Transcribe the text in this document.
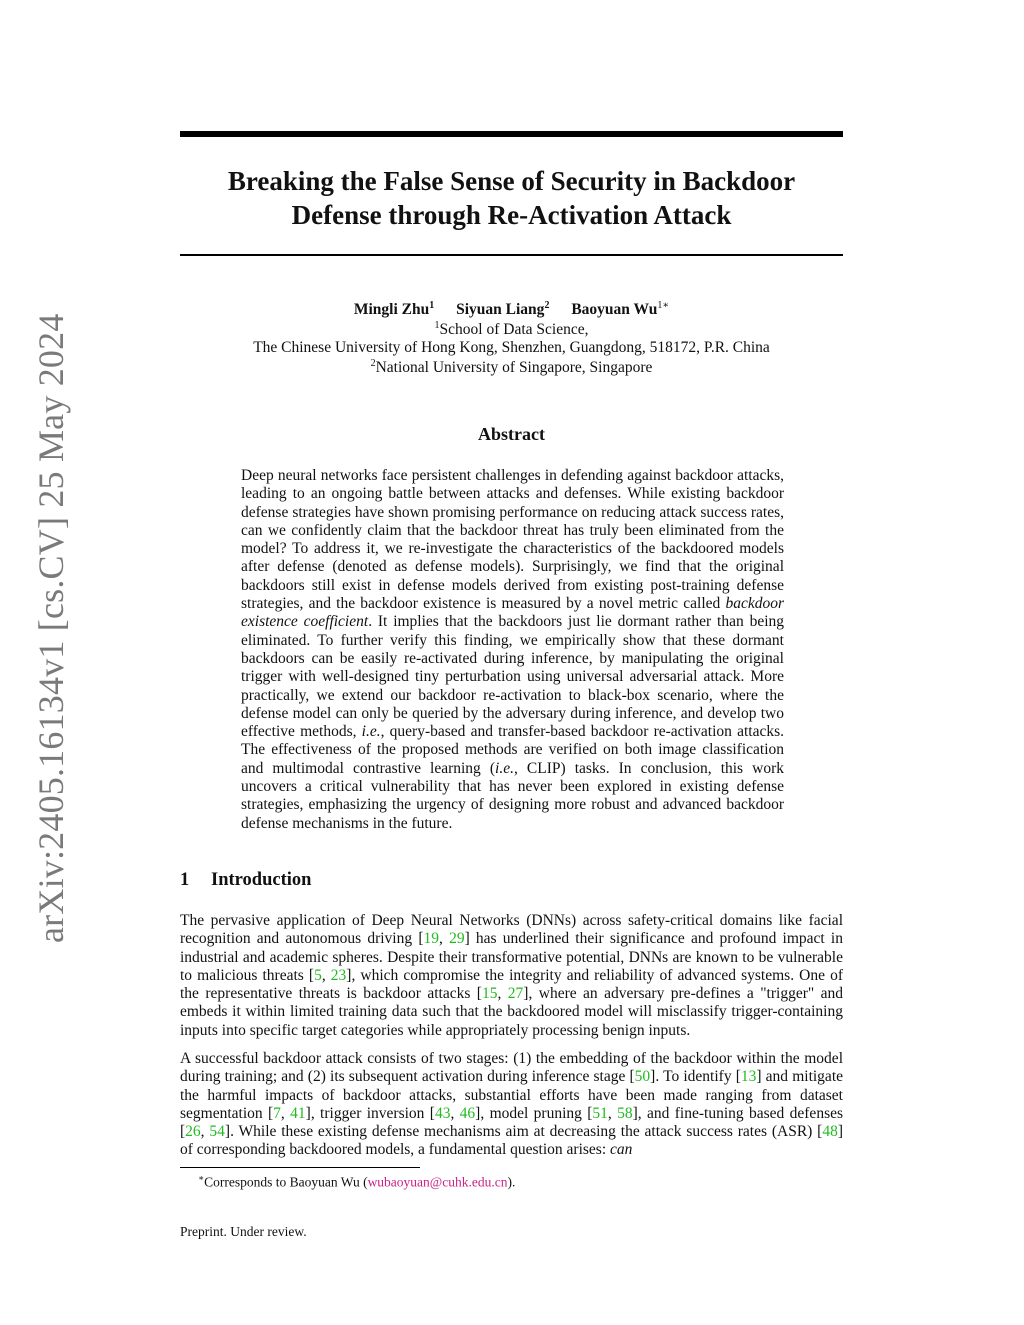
arXiv:2405.16134v1 [cs.CV] 25 May 2024
Breaking the False Sense of Security in Backdoor
Defense through Re-Activation Attack
Mingli Zhu$^1$ Siyuan Liang$^2$ Baoyuan $Wu^{1∗}$
$^1$School of Data Science,
The Chinese University of Hong Kong, Shenzhen, Guangdong, 518172, P.R. China
$^2$National University of Singapore, Singapore
Abstract
Deep neural networks face persistent challenges in defending against backdoor attacks, leading to an ongoing battle between attacks and defenses. While existing backdoor defense strategies have shown promising performance on reducing attack success rates, can we confidently claim that the backdoor threat has truly been eliminated from the model? To address it, we re-investigate the characteristics of the backdoored models after defense (denoted as defense models). Surprisingly, we find that the original backdoors still exist in defense models derived from existing post-training defense strategies, and the backdoor existence is measured by a novel metric called backdoor existence coefficient. It implies that the backdoors just lie dormant rather than being eliminated. To further verify this finding, we empirically show that these dormant backdoors can be easily re-activated during inference, by manipulating the original trigger with well-designed tiny perturbation using universal adversarial attack. More practically, we extend our backdoor re-activation to black-box scenario, where the defense model can only be queried by the adversary during inference, and develop two effective methods, i.e., query-based and transfer-based backdoor re-activation attacks. The effectiveness of the proposed methods are verified on both image classification and multimodal contrastive learning (i.e., CLIP) tasks. In conclusion, this work uncovers a critical vulnerability that has never been explored in existing defense strategies, emphasizing the urgency of designing more robust and advanced backdoor defense mechanisms in the future.
1 Introduction
The pervasive application of Deep Neural Networks (DNNs) across safety-critical domains like facial recognition and autonomous driving [19, 29] has underlined their significance and profound impact in industrial and academic spheres. Despite their transformative potential, DNNs are known to be vulnerable to malicious threats [5, 23], which compromise the integrity and reliability of advanced systems. One of the representative threats is backdoor attacks [15, 27], where an adversary pre-defines a "trigger" and embeds it within limited training data such that the backdoored model will misclassify trigger-containing inputs into specific target categories while appropriately processing benign inputs.
A successful backdoor attack consists of two stages: (1) the embedding of the backdoor within the model during training; and (2) its subsequent activation during inference stage [50]. To identify [13] and mitigate the harmful impacts of backdoor attacks, substantial efforts have been made ranging from dataset segmentation [7, 41], trigger inversion [43, 46], model pruning [51, 58], and fine-tuning based defenses [26, 54]. While these existing defense mechanisms aim at decreasing the attack success rates (ASR) [48] of corresponding backdoored models, a fundamental question arises: can
∗Corresponds to Baoyuan Wu (wubaoyuan@cuhk.edu.cn).
Preprint. Under review.
